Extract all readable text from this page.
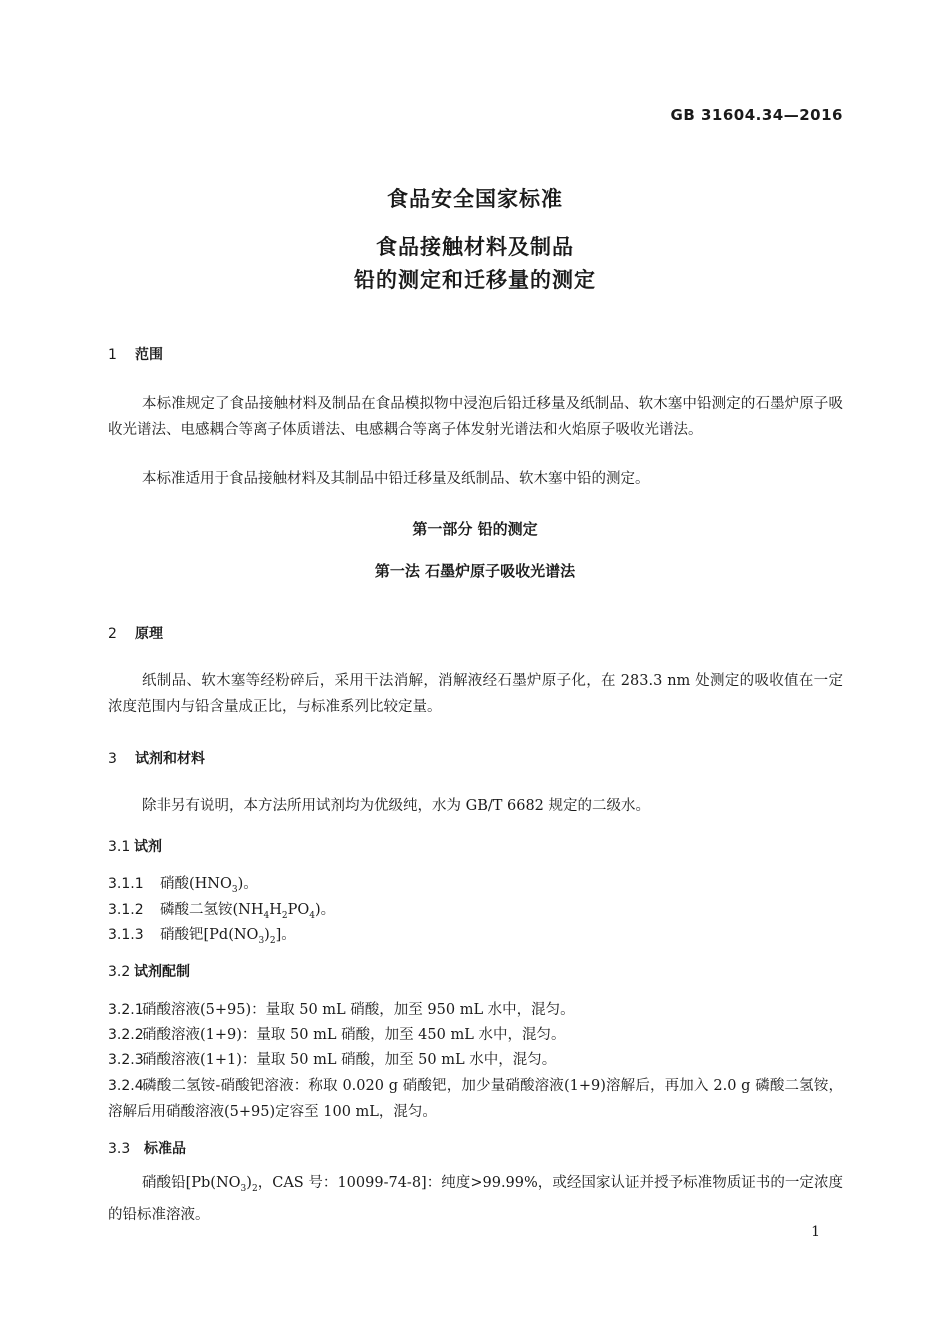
GB 31604.34—2016
食品安全国家标准
食品接触材料及制品
铅的测定和迁移量的测定
1 范围
本标准规定了食品接触材料及制品在食品模拟物中浸泡后铅迁移量及纸制品、软木塞中铅测定的石墨炉原子吸收光谱法、电感耦合等离子体质谱法、电感耦合等离子体发射光谱法和火焰原子吸收光谱法。
本标准适用于食品接触材料及其制品中铅迁移量及纸制品、软木塞中铅的测定。
第一部分 铅的测定
第一法 石墨炉原子吸收光谱法
2 原理
纸制品、软木塞等经粉碎后，采用干法消解，消解液经石墨炉原子化，在 283.3 nm 处测定的吸收值在一定浓度范围内与铅含量成正比，与标准系列比较定量。
3 试剂和材料
除非另有说明，本方法所用试剂均为优级纯，水为 GB/T 6682 规定的二级水。
3.1 试剂
3.1.1 硝酸$(HNO_3)$。
3.1.2 磷酸二氢铵$(NH_4H_2PO_4)$。
3.1.3 硝酸钯$[Pd(NO_3)_2]$。
3.2 试剂配制
3.2.1硝酸溶液(5+95)：量取 50 mL 硝酸，加至 950 mL 水中，混匀。
3.2.2硝酸溶液(1+9)：量取 50 mL 硝酸，加至 450 mL 水中，混匀。
3.2.3硝酸溶液(1+1)：量取 50 mL 硝酸，加至 50 mL 水中，混匀。
3.2.4磷酸二氢铵-硝酸钯溶液：称取 0.020 g 硝酸钯，加少量硝酸溶液(1+9)溶解后，再加入 2.0 g 磷酸二氢铵，溶解后用硝酸溶液(5+95)定容至 100 mL，混匀。
3.3 标准品
硝酸铅[$Pb(NO_3)_2$，CAS 号：10099-74-8]：纯度>99.99%，或经国家认证并授予标准物质证书的一定浓度的铅标准溶液。
1
